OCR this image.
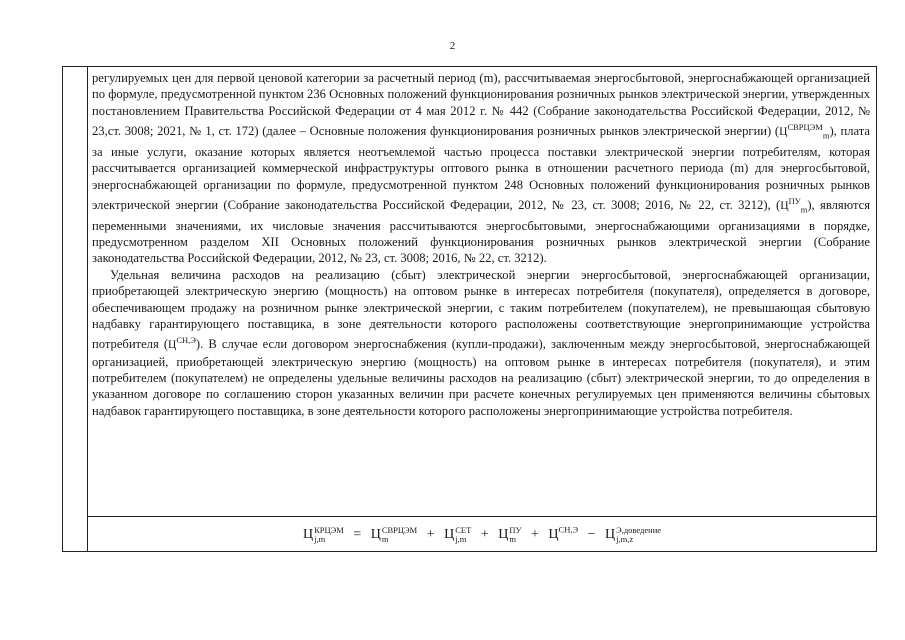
2

регулируемых цен для первой ценовой категории за расчетный период (m), рассчитываемая энергосбытовой, энергоснабжающей организацией по формуле, предусмотренной пунктом 236 Основных положений функционирования розничных рынков электрической энергии, утвержденных постановлением Правительства Российской Федерации от 4 мая 2012 г. № 442 (Собрание законодательства Российской Федерации, 2012, № 23,ст. 3008; 2021, № 1, ст. 172) (далее – Основные положения функционирования розничных рынков электрической энергии) $(Ц^{СВРЦЭМ}_m)$, плата за иные услуги, оказание которых является неотъемлемой частью процесса поставки электрической энергии потребителям, которая рассчитывается организацией коммерческой инфраструктуры оптового рынка в отношении расчетного периода (m) для энергосбытовой, энергоснабжающей организации по формуле, предусмотренной пунктом 248 Основных положений функционирования розничных рынков электрической энергии (Собрание законодательства Российской Федерации, 2012, № 23, ст. 3008; 2016, № 22, ст. 3212), $(Ц^{ПУ}_m)$, являются переменными значениями, их числовые значения рассчитываются энергосбытовыми, энергоснабжающими организациями в порядке, предусмотренном разделом XII Основных положений функционирования розничных рынков электрической энергии (Собрание законодательства Российской Федерации, 2012, № 23, ст. 3008; 2016, № 22, ст. 3212).

Удельная величина расходов на реализацию (сбыт) электрической энергии энергосбытовой, энергоснабжающей организации, приобретающей электрическую энергию (мощность) на оптовом рынке в интересах потребителя (покупателя), определяется в договоре, обеспечивающем продажу на розничном рынке электрической энергии, с таким потребителем (покупателем), не превышающая сбытовую надбавку гарантирующего поставщика, в зоне деятельности которого расположены соответствующие энергопринимающие устройства потребителя $(Ц^{СН,Э})$. В случае если договором энергоснабжения (купли-продажи), заключенным между энергосбытовой, энергоснабжающей организацией, приобретающей электрическую энергию (мощность) на оптовом рынке в интересах потребителя (покупателя), и этим потребителем (покупателем) не определены удельные величины расходов на реализацию (сбыт) электрической энергии, то до определения в указанном договоре по соглашению сторон указанных величин при расчете конечных регулируемых цен применяются величины сбытовых надбавок гарантирующего поставщика, в зоне деятельности которого расположены энергопринимающие устройства потребителя.

Ц КРЦЭМ
j,m	= Ц СВРЦЭМ
m	+ Ц СЕТ
j,m	+ Ц ПУ
m	+ $Ц^{СН,Э} - Ц$ Э,доведение
j,m,z
